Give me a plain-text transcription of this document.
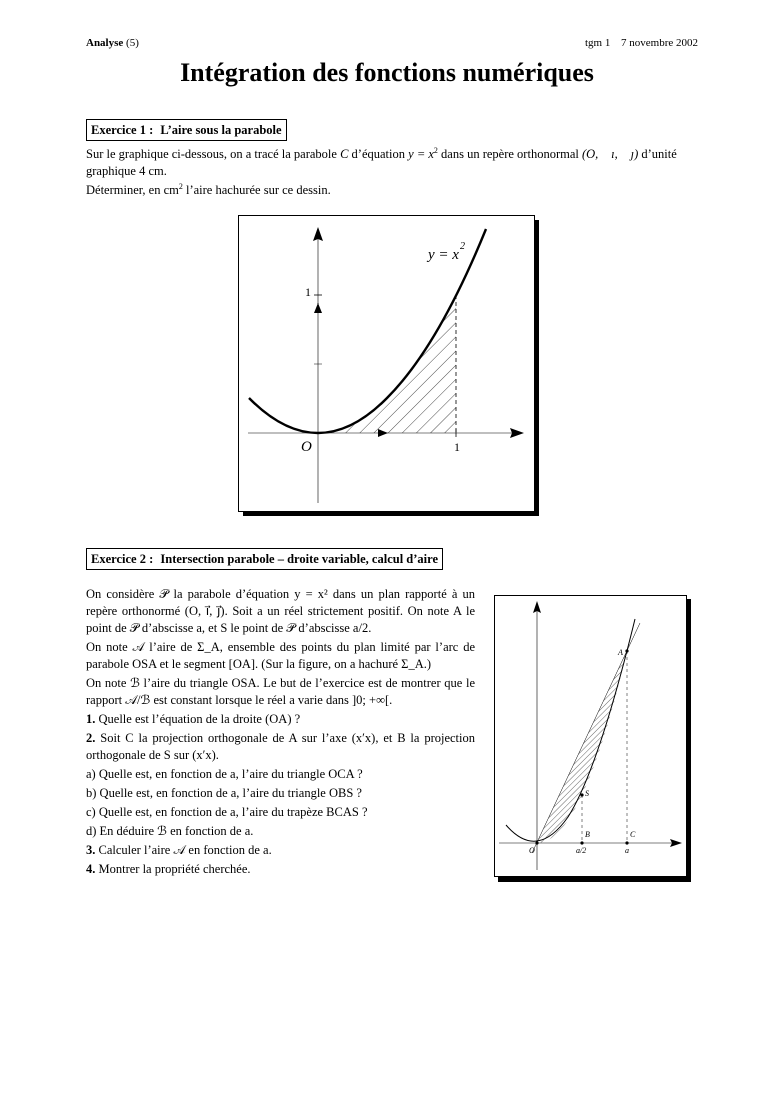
Analyse (5)	tgm 1 7 novembre 2002
Intégration des fonctions numériques
Exercice 1 : L’aire sous la parabole
Sur le graphique ci-dessous, on a tracé la parabole C d’équation $y = x^2$ dans un repère orthonormal (O, ⃗ı, ⃗ȷ) d’unité
graphique 4 cm.
Déterminer, en $cm^2$ l’aire hachurée sur ce dessin.
y = x
2
O	1
1
Exercice 2 : Intersection parabole – droite variable, calcul d’aire

On considère 𝒫 la parabole d’équation y = x² dans un plan rapporté à un repère orthonormé (O, ı⃗, ȷ⃗). Soit a un réel strictement positif. On note A le point de 𝒫 d’abscisse a, et S le point de 𝒫 d’abscisse a/2.

On note 𝒜 l’aire de Σ_A, ensemble des points du plan limité par l’arc de parabole OSA et le segment [OA]. (Sur la figure, on a hachuré Σ_A.)

On note ℬ l’aire du triangle OSA. Le but de l’exercice est de montrer que le rapport 𝒜/ℬ est constant lorsque le réel a varie dans ]0; +∞[.

1. Quelle est l’équation de la droite (OA) ?
2. Soit C la projection orthogonale de A sur l’axe (x′x), et B la projection orthogonale de S sur (x′x).
a) Quelle est, en fonction de a, l’aire du triangle OCA ?
b) Quelle est, en fonction de a, l’aire du triangle OBS ?
c) Quelle est, en fonction de a, l’aire du trapèze BCAS ?
d) En déduire ℬ en fonction de a.
3. Calculer l’aire 𝒜 en fonction de a.
4. Montrer la propriété cherchée.
A
S
B	C
O	a/2	a
